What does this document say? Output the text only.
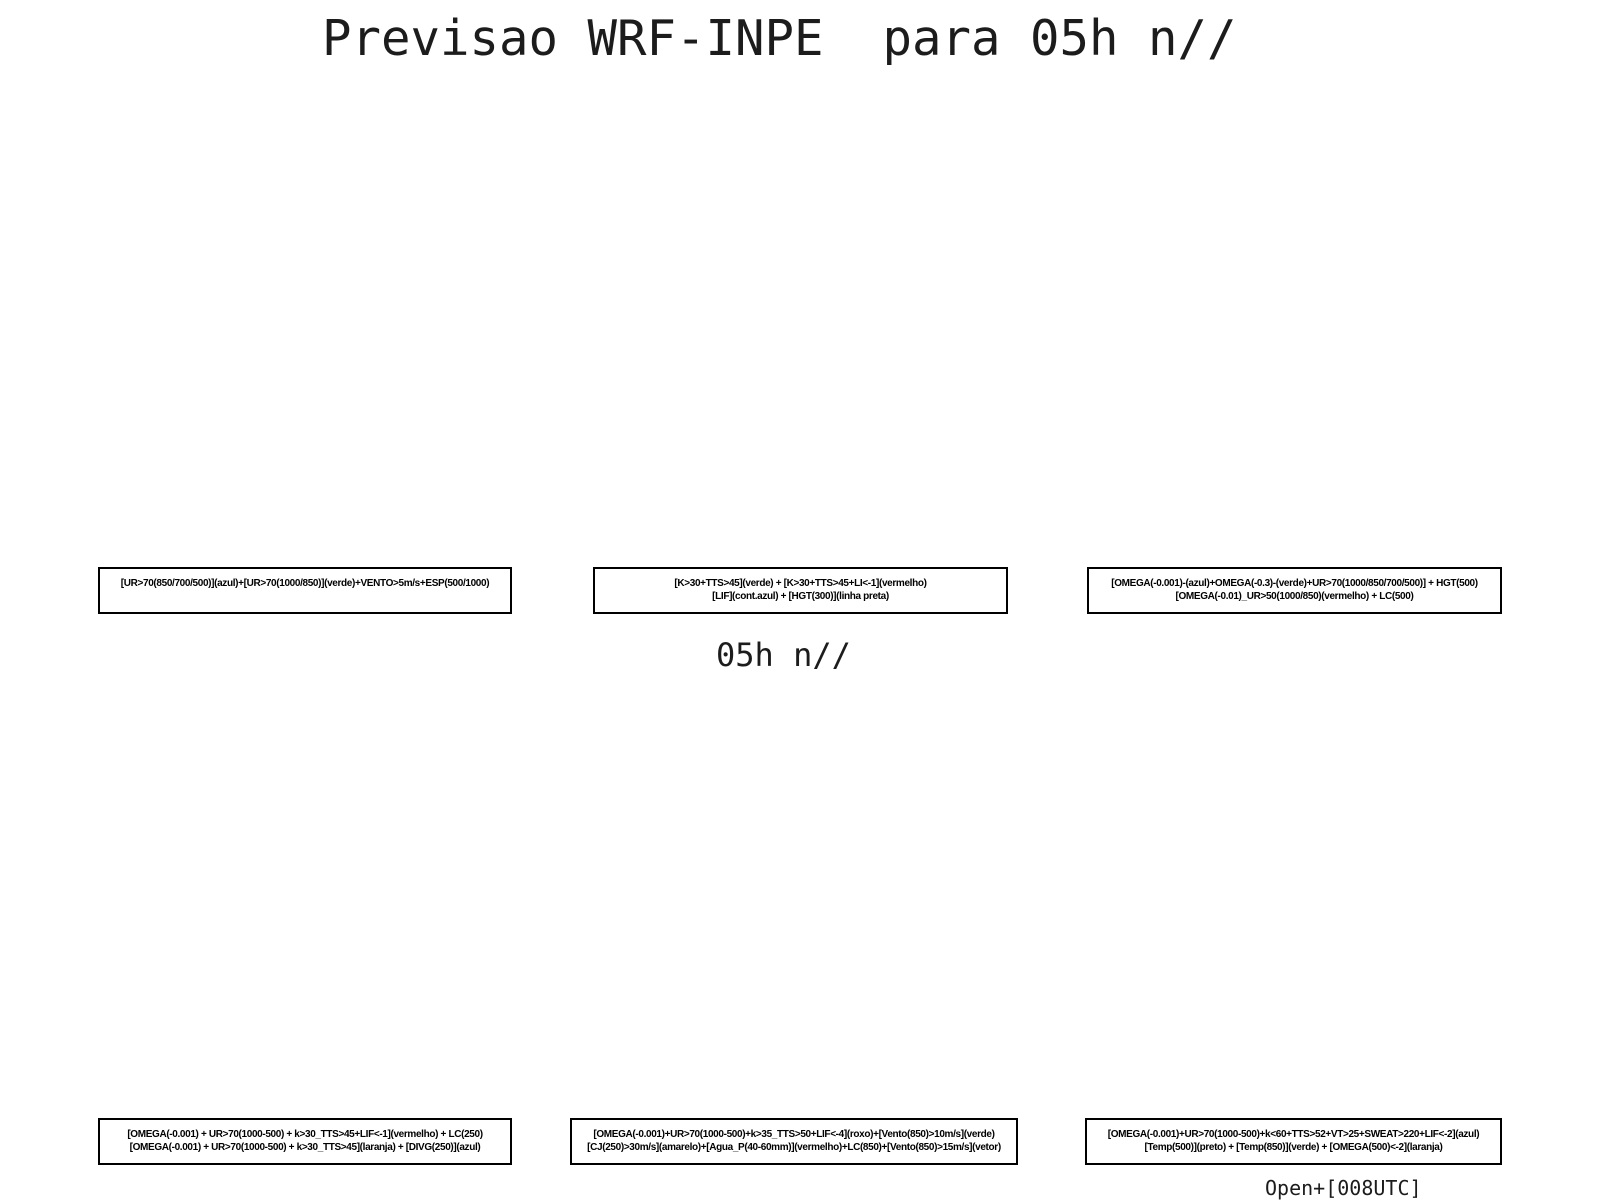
Previsao WRF-INPE  para 05h n//
[UR>70(850/700/500)](azul)+[UR>70(1000/850)](verde)+VENTO>5m/s+ESP(500/1000)	[K>30+TTS>45](verde) + [K>30+TTS>45+LI<-1](vermelho)
[LIF](cont.azul) + [HGT(300)](linha preta)
[OMEGA(-0.001)-(azul)+OMEGA(-0.3)-(verde)+UR>70(1000/850/700/500)] + HGT(500)
[OMEGA(-0.01)_UR>50(1000/850)(vermelho) + LC(500)
05h n//
[OMEGA(-0.001) + UR>70(1000-500) + k>30_TTS>45+LIF<-1](vermelho) + LC(250)
[OMEGA(-0.001) + UR>70(1000-500) + k>30_TTS>45](laranja) + [DIVG(250)](azul)
[OMEGA(-0.001)+UR>70(1000-500)+k>35_TTS>50+LIF<-4](roxo)+[Vento(850)>10m/s](verde)
[CJ(250)>30m/s](amarelo)+[Agua_P(40-60mm)](vermelho)+LC(850)+[Vento(850)>15m/s](vetor)
[OMEGA(-0.001)+UR>70(1000-500)+k<60+TTS>52+VT>25+SWEAT>220+LIF<-2](azul)
[Temp(500)](preto) + [Temp(850)](verde) + [OMEGA(500)<-2](laranja)
Open+[008UTC]
